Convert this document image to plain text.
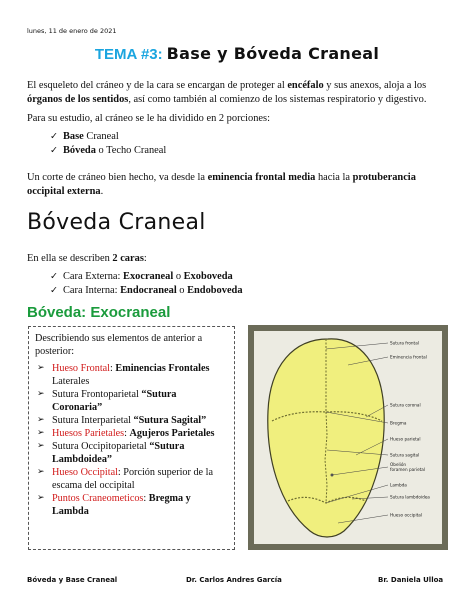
lunes, 11 de enero de 2021
TEMA #3: Base y Bóveda Craneal
El esqueleto del cráneo y de la cara se encargan de proteger al encéfalo y sus anexos, aloja a los órganos de los sentidos, así como también al comienzo de los sistemas respiratorio y digestivo.
Para su estudio, al cráneo se le ha dividido en 2 porciones:
✓ Base Craneal
✓ Bóveda o Techo Craneal
Un corte de cráneo bien hecho, va desde la eminencia frontal media hacia la protuberancia occipital externa.
Bóveda Craneal
En ella se describen 2 caras:
✓ Cara Externa: Exocraneal o Exoboveda
✓ Cara Interna: Endocraneal o Endoboveda
Bóveda: Exocraneal
Describiendo sus elementos de anterior a posterior:
➢ Hueso Frontal: Eminencias Frontales Laterales
➢ Sutura Frontoparietal “Sutura Coronaria”
➢ Sutura Interparietal “Sutura Sagital”
➢ Huesos Parietales: Agujeros Parietales
➢ Sutura Occipitoparietal “Sutura Lambdoidea”
➢ Hueso Occipital: Porción superior de la escama del occipital
➢ Puntos Craneometicos: Bregma y Lambda
Sutura frontal
Eminencia frontal
Sutura coronal
Bregma
Hueso parietal
Sutura sagital
Obelión
foramen parietal
Lambda
Sutura lambdoidea
Hueso occipital
Bóveda y Base Craneal	Dr. Carlos Andres García	Br. Daniela Ulloa
